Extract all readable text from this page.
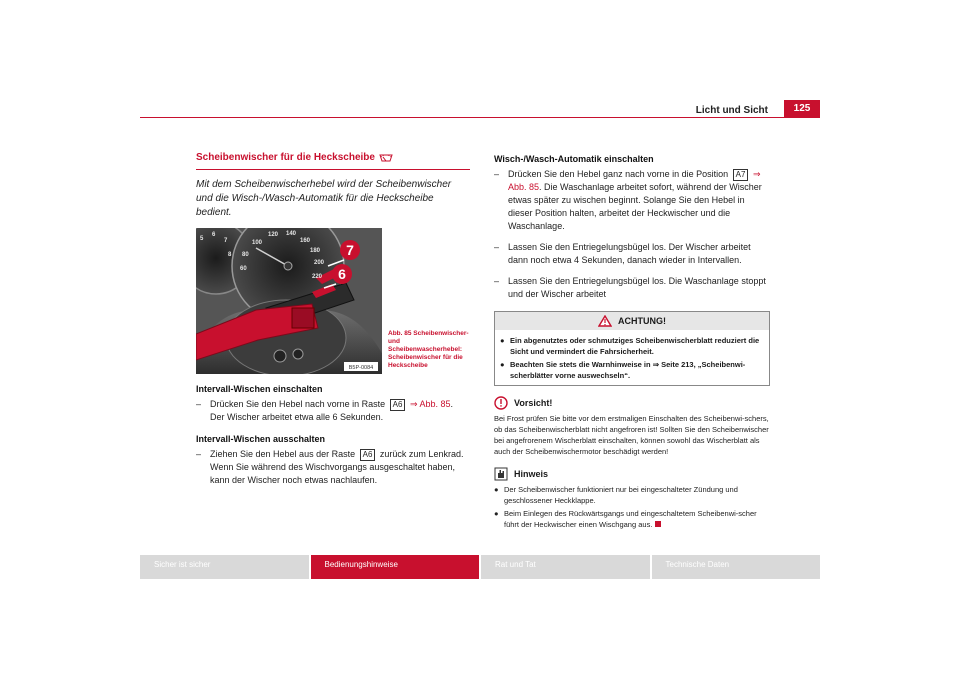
Licht und Sicht	125
Scheibenwischer für die Heckscheibe
Mit dem Scheibenwischerhebel wird der Scheibenwischer und die Wisch-/Wasch-Automatik für die Heckscheibe bedient.
7
6
60
80
100
120 140
160
180
200
220
5
6
7
8
B5P-0084
Abb. 85 Scheibenwischer- und Scheibenwascherhebel: Scheibenwischer für die Heckscheibe
Intervall-Wischen einschalten
– Drücken Sie den Hebel nach vorne in Raste A6 ⇒ Abb. 85. Der Wischer arbeitet etwa alle 6 Sekunden.
Intervall-Wischen ausschalten
– Ziehen Sie den Hebel aus der Raste A6 zurück zum Lenkrad. Wenn Sie während des Wischvorgangs ausgeschaltet haben, kann der Wischer noch etwas nachlaufen.
Wisch-/Wasch-Automatik einschalten
– Drücken Sie den Hebel ganz nach vorne in die Position A7 ⇒ Abb. 85. Die Waschanlage arbeitet sofort, während der Wischer etwas später zu wischen beginnt. Solange Sie den Hebel in dieser Position halten, arbeitet der Heckwischer und die Waschanlage.
– Lassen Sie den Entriegelungsbügel los. Der Wischer arbeitet dann noch etwa 4 Sekunden, danach wieder in Intervallen.
– Lassen Sie den Entriegelungsbügel los. Die Waschanlage stoppt und der Wischer arbeitet
ACHTUNG!
● Ein abgenutztes oder schmutziges Scheibenwischerblatt reduziert die Sicht und vermindert die Fahrsicherheit.
● Beachten Sie stets die Warnhinweise in ⇒ Seite 213, „Scheibenwi-scherblätter vorne auswechseln“.
Vorsicht!
Bei Frost prüfen Sie bitte vor dem erstmaligen Einschalten des Scheibenwi-schers, ob das Scheibenwischerblatt nicht angefroren ist! Sollten Sie den Scheibenwischer bei angefrorenem Wischerblatt einschalten, können sowohl das Wischerblatt als auch der Scheibenwischermotor beschädigt werden!
Hinweis
● Der Scheibenwischer funktioniert nur bei eingeschalteter Zündung und geschlossener Heckklappe.
● Beim Einlegen des Rückwärtsgangs und eingeschaltetem Scheibenwi-scher führt der Heckwischer einen Wischgang aus.
Sicher ist sicher	Bedienungshinweise	Rat und Tat	Technische Daten
